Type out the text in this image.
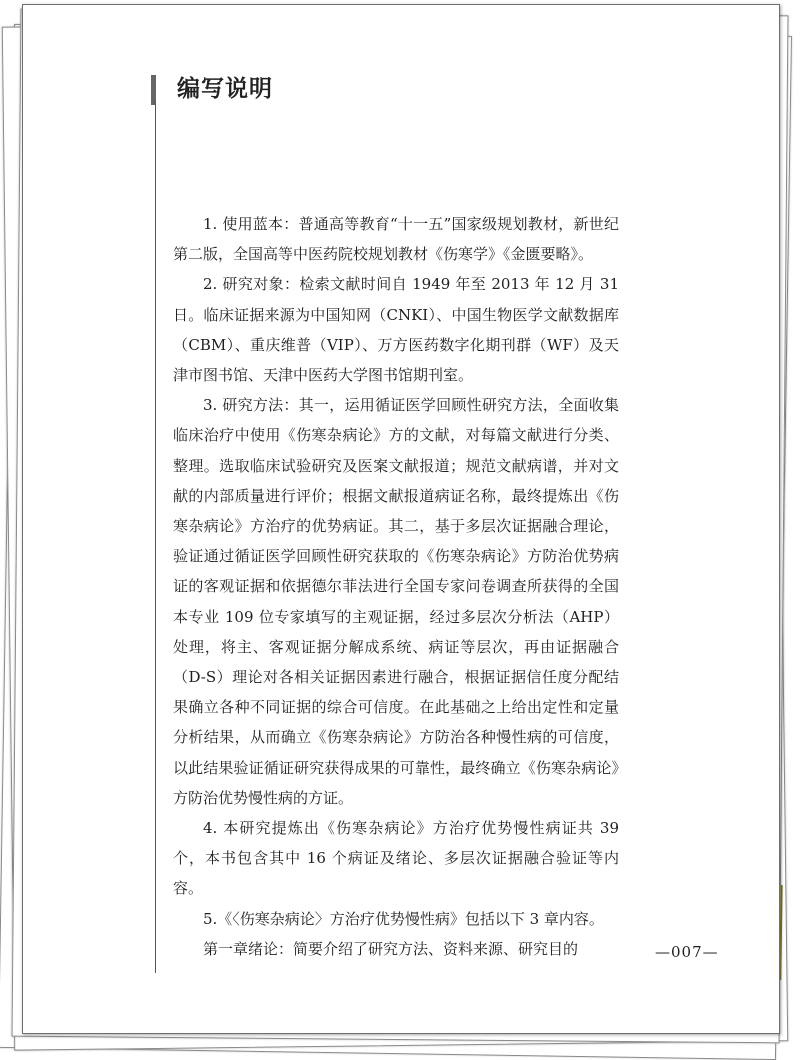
编写说明

1. 使用蓝本：普通高等教育“十一五”国家级规划教材，新世纪第二版，全国高等中医药院校规划教材《伤寒学》《金匮要略》。

2. 研究对象：检索文献时间自 1949 年至 2013 年 12 月 31 日。临床证据来源为中国知网（CNKI）、中国生物医学文献数据库（CBM）、重庆维普（VIP）、万方医药数字化期刊群（WF）及天津市图书馆、天津中医药大学图书馆期刊室。

3. 研究方法：其一，运用循证医学回顾性研究方法，全面收集临床治疗中使用《伤寒杂病论》方的文献，对每篇文献进行分类、整理。选取临床试验研究及医案文献报道；规范文献病谱，并对文献的内部质量进行评价；根据文献报道病证名称，最终提炼出《伤寒杂病论》方治疗的优势病证。其二，基于多层次证据融合理论，验证通过循证医学回顾性研究获取的《伤寒杂病论》方防治优势病证的客观证据和依据德尔菲法进行全国专家问卷调查所获得的全国本专业 109 位专家填写的主观证据，经过多层次分析法（AHP）处理，将主、客观证据分解成系统、病证等层次，再由证据融合（D-S）理论对各相关证据因素进行融合，根据证据信任度分配结果确立各种不同证据的综合可信度。在此基础之上给出定性和定量分析结果，从而确立《伤寒杂病论》方防治各种慢性病的可信度，以此结果验证循证研究获得成果的可靠性，最终确立《伤寒杂病论》方防治优势慢性病的方证。

4. 本研究提炼出《伤寒杂病论》方治疗优势慢性病证共 39 个，本书包含其中 16 个病证及绪论、多层次证据融合验证等内容。

5.《〈伤寒杂病论〉方治疗优势慢性病》包括以下 3 章内容。

第一章绪论：简要介绍了研究方法、资料来源、研究目的	—007—
